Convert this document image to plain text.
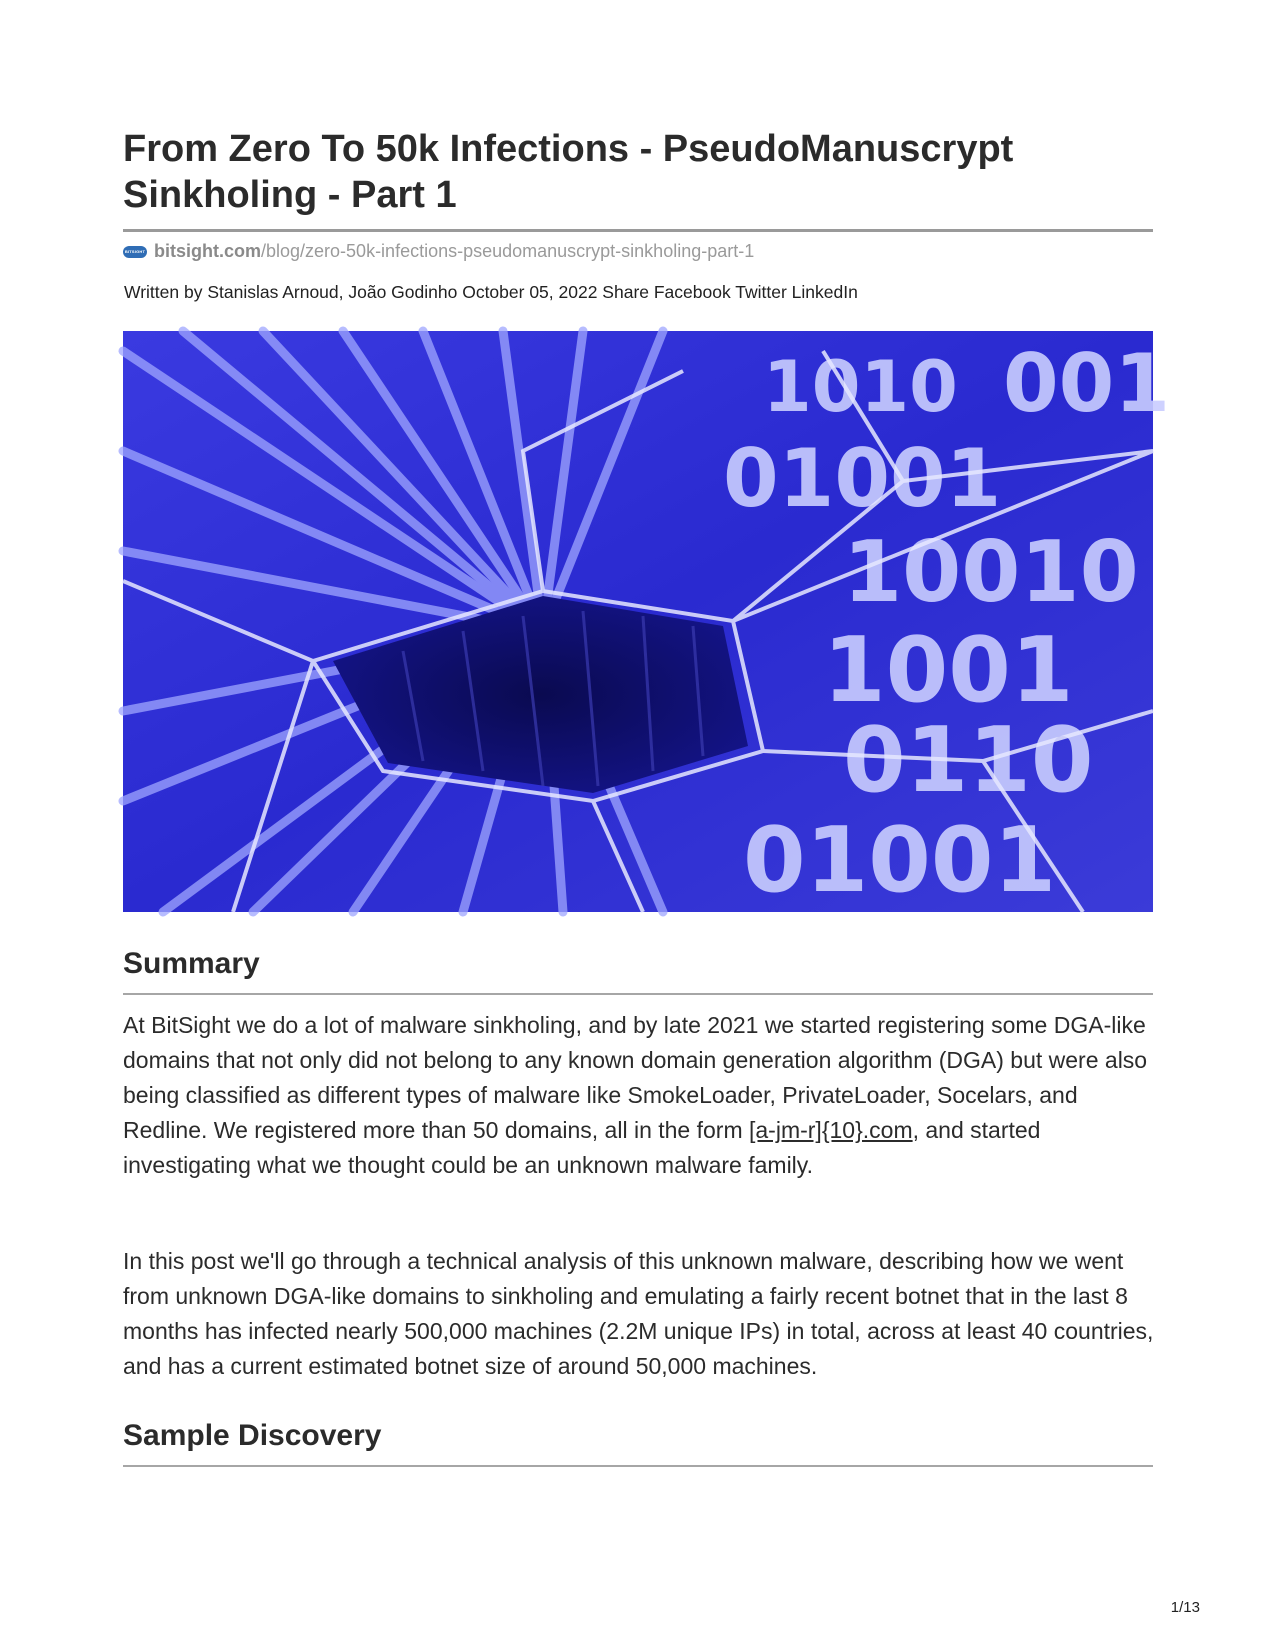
From Zero To 50k Infections - PseudoManuscrypt Sinkholing - Part 1
BITSIGHT bitsight.com /blog/zero-50k-infections-pseudomanuscrypt-sinkholing-part-1
Written by Stanislas Arnoud, João Godinho October 05, 2022 Share Facebook Twitter LinkedIn
1010
01001
10010
1001
0110
01001
001
Summary

At BitSight we do a lot of malware sinkholing, and by late 2021 we started registering some DGA-like domains that not only did not belong to any known domain generation algorithm (DGA) but were also being classified as different types of malware like SmokeLoader, PrivateLoader, Socelars, and Redline. We registered more than 50 domains, all in the form [a-jm-r]{10}.com, and started investigating what we thought could be an unknown malware family.

In this post we'll go through a technical analysis of this unknown malware, describing how we went from unknown DGA-like domains to sinkholing and emulating a fairly recent botnet that in the last 8 months has infected nearly 500,000 machines (2.2M unique IPs) in total, across at least 40 countries, and has a current estimated botnet size of around 50,000 machines.

Sample Discovery
1/13
